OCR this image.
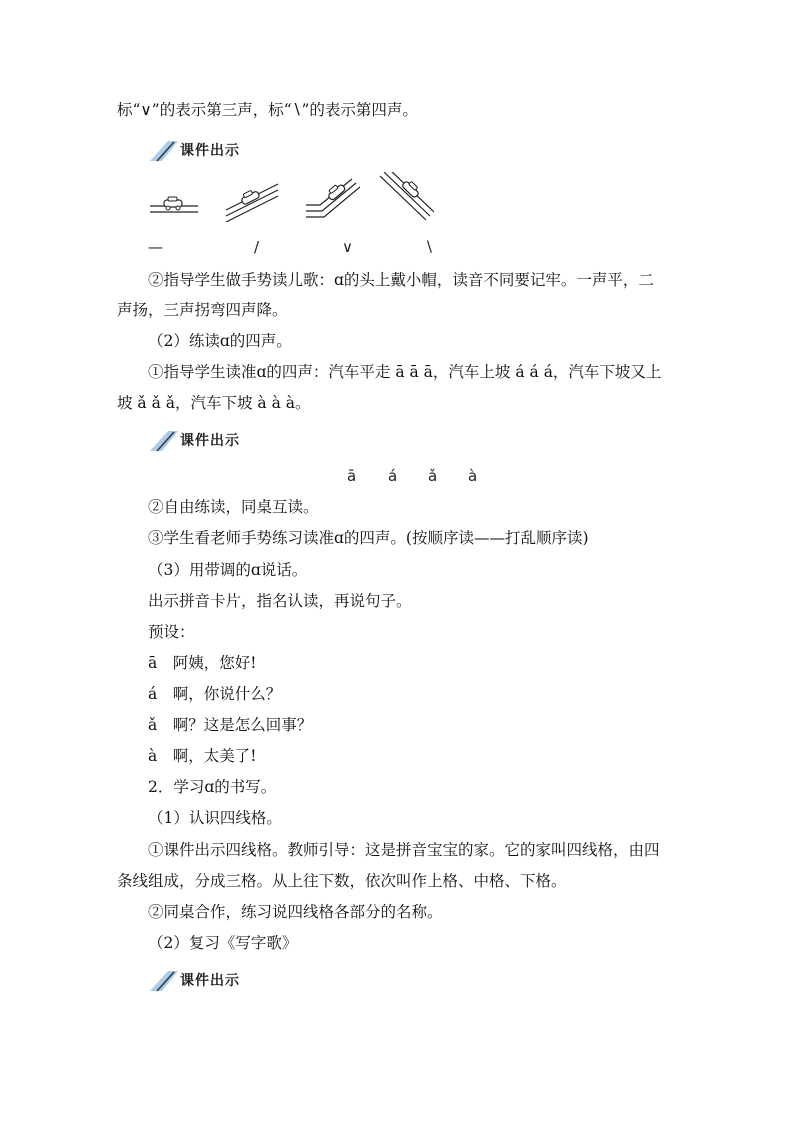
标“∨”的表示第三声，标“∖”的表示第四声。
课件出示
—	/	∨	∖
②指导学生做手势读儿歌：ɑ的头上戴小帽，读音不同要记牢。一声平，二
声扬，三声拐弯四声降。
（2）练读ɑ的四声。
①指导学生读准ɑ的四声：汽车平走 ā ā ā，汽车上坡 á á á，汽车下坡又上
坡 ǎ ǎ ǎ，汽车下坡 à à à。
课件出示
ā á ǎ à
②自由练读，同桌互读。
③学生看老师手势练习读准ɑ的四声。(按顺序读——打乱顺序读)
（3）用带调的ɑ说话。
出示拼音卡片，指名认读，再说句子。
预设：
ā　阿姨，您好!
á　啊，你说什么？
ǎ　啊？这是怎么回事？
à　啊，太美了!
2．学习ɑ的书写。
（1）认识四线格。
①课件出示四线格。教师引导：这是拼音宝宝的家。它的家叫四线格，由四
条线组成，分成三格。从上往下数，依次叫作上格、中格、下格。
②同桌合作，练习说四线格各部分的名称。
（2）复习《写字歌》
课件出示
